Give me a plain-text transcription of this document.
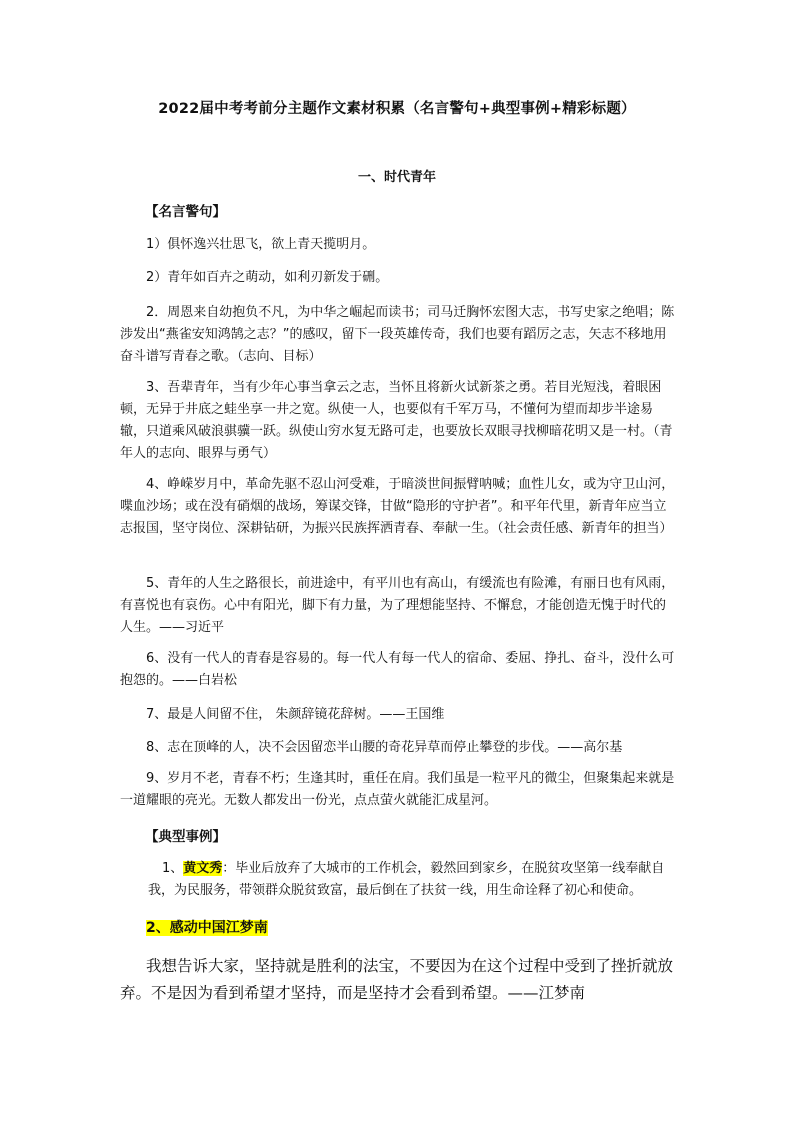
2022届中考考前分主题作文素材积累（名言警句+典型事例+精彩标题）
一、时代青年
【名言警句】
1）俱怀逸兴壮思飞，欲上青天揽明月。
2）青年如百卉之萌动，如利刃新发于硎。
2．周恩来自幼抱负不凡，为中华之崛起而读书；司马迁胸怀宏图大志，书写史家之绝唱；陈涉发出“燕雀安知鸿鹄之志？”的感叹，留下一段英雄传奇，我们也要有蹈厉之志，矢志不移地用奋斗谱写青春之歌。（志向、目标）
3、吾辈青年，当有少年心事当拿云之志，当怀且将新火试新茶之勇。若目光短浅，着眼困顿，无异于井底之蛙坐享一井之宽。纵使一人，也要似有千军万马，不懂何为望而却步半途易辙，只道乘风破浪骐骥一跃。纵使山穷水复无路可走，也要放长双眼寻找柳暗花明又是一村。（青年人的志向、眼界与勇气）
4、峥嵘岁月中，革命先驱不忍山河受难，于暗淡世间振臂呐喊；血性儿女，或为守卫山河，喋血沙场；或在没有硝烟的战场，筹谋交锋，甘做“隐形的守护者”。和平年代里，新青年应当立志报国，坚守岗位、深耕钻研，为振兴民族挥洒青春、奉献一生。（社会责任感、新青年的担当）
5、青年的人生之路很长，前进途中，有平川也有高山，有缓流也有险滩，有丽日也有风雨，有喜悦也有哀伤。心中有阳光，脚下有力量，为了理想能坚持、不懈怠，才能创造无愧于时代的人生。——习近平
6、没有一代人的青春是容易的。每一代人有每一代人的宿命、委屈、挣扎、奋斗，没什么可抱怨的。——白岩松
7、最是人间留不住， 朱颜辞镜花辞树。——王国维
8、志在顶峰的人，决不会因留恋半山腰的奇花异草而停止攀登的步伐。——高尔基
9、岁月不老，青春不朽；生逢其时，重任在肩。我们虽是一粒平凡的微尘，但聚集起来就是一道耀眼的亮光。无数人都发出一份光，点点萤火就能汇成星河。
【典型事例】
1、黄文秀：毕业后放弃了大城市的工作机会，毅然回到家乡，在脱贫攻坚第一线奉献自我，为民服务，带领群众脱贫致富，最后倒在了扶贫一线，用生命诠释了初心和使命。
2、感动中国江梦南
我想告诉大家，坚持就是胜利的法宝，不要因为在这个过程中受到了挫折就放弃。不是因为看到希望才坚持，而是坚持才会看到希望。——江梦南
